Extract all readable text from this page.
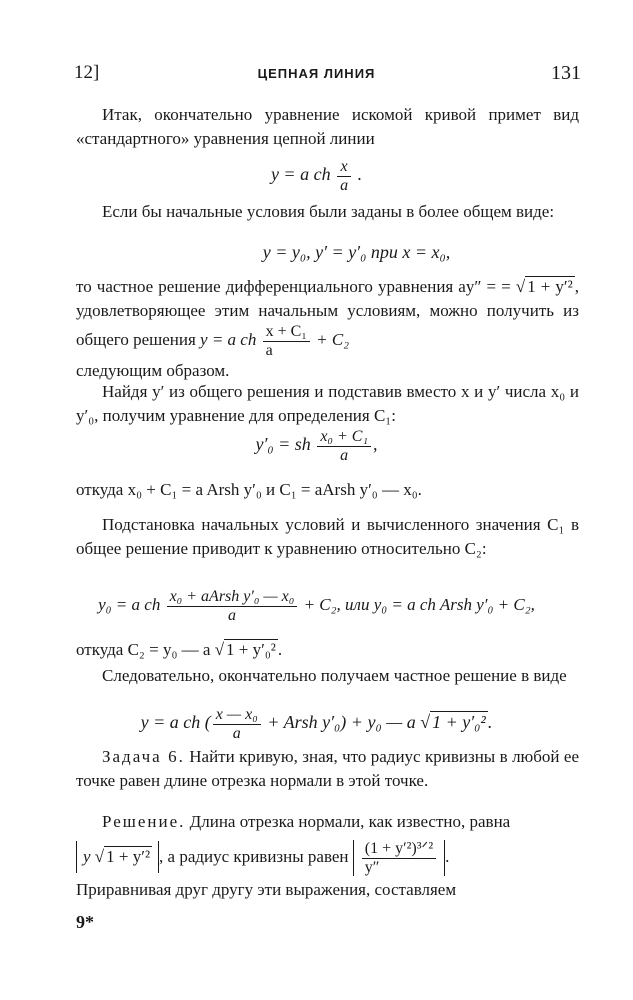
12]	ЦЕПНАЯ ЛИНИЯ	131
Итак, окончательно уравнение искомой кривой примет вид «стандартного» уравнения цепной линии
y = a ch $\frac{x}{a}$ .
Если бы начальные условия были заданы в более общем виде:
y = y₀, y′ = y′₀ при x = x₀,
то частное решение дифференциального уравнения ay″ = = √ 1 + y′² , удовлетворяющее этим начальным условиям, можно получить из общего решения y = a ch $\frac{\text{x + C₁}}{a} + C_2$
следующим образом.
Найдя y′ из общего решения и подставив вместо x и y′ числа x₀ и y′₀, получим уравнение для определения C₁:
y′₀ = sh $\frac{\text{x₀ + C₁}}{a}$ ,
откуда x₀ + C₁ = a Arsh y′₀ и C₁ = aArsh y′₀ — x₀.
Подстановка начальных условий и вычисленного значения C₁ в общее решение приводит к уравнению относительно C₂:
y₀ = a ch $\frac{\text{x₀ + aArsh y′₀ — x₀}}{a} + C_2$, или y₀ = a ch Arsh y′₀ + C₂,
откуда C₂ = y₀ — a √ 1 + y′₀² .
Следовательно, окончательно получаем частное решение в виде
y = a ch ( $\frac{\text{x — x₀}}{a}$ + Arsh y′₀) + y₀ — a √ 1 + y′₀² .
Задача 6. Найти кривую, зная, что радиус кривизны в любой ее точке равен длине отрезка нормали в этой точке.
Решение. Длина отрезка нормали, как известно, равна
y √ 1 + y′² , а радиус кривизны равен $\frac{\text{(1 + y′²)³ᐟ²}}{y''}$ .
Приравнивая друг другу эти выражения, составляем
9*
